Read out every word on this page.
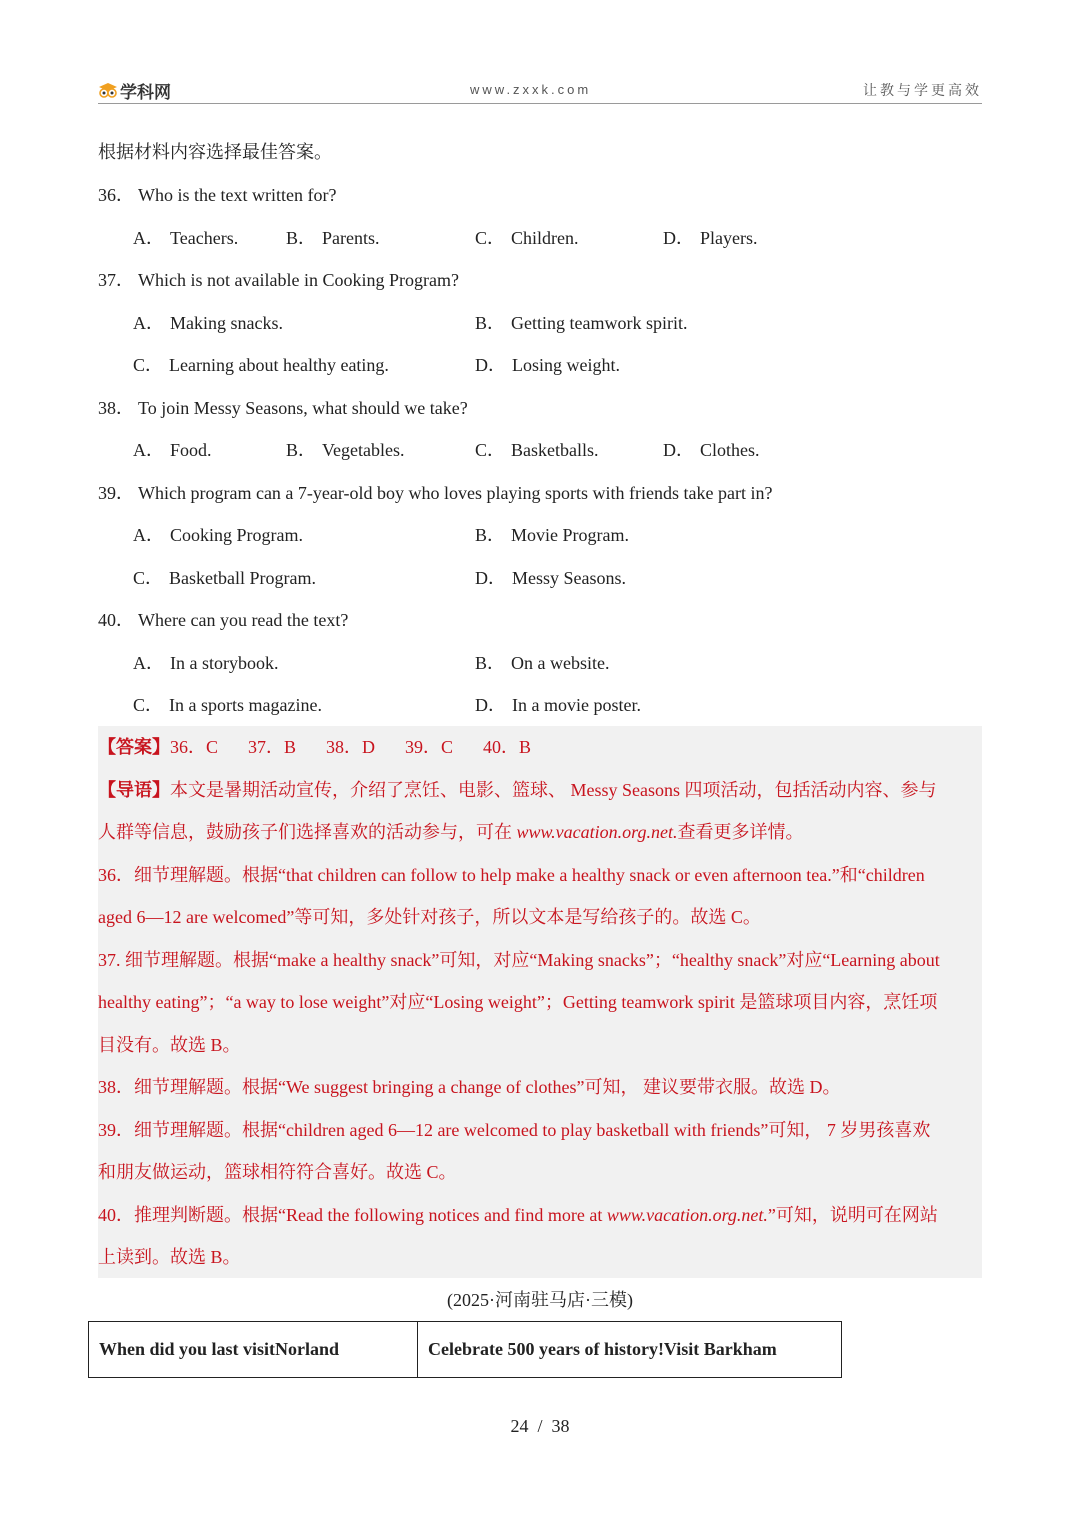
学科网	www.zxxk.com	让教与学更高效
根据材料内容选择最佳答案。
36． Who is the text written for?
A． Teachers.	B． Parents.	C． Children.	D． Players.
37． Which is not available in Cooking Program?
A． Making snacks.	B． Getting teamwork spirit.
C． Learning about healthy eating.	D． Losing weight.
38． To join Messy Seasons, what should we take?
A． Food.	B． Vegetables.	C． Basketballs.	D． Clothes.
39． Which program can a 7-year-old boy who loves playing sports with friends take part in?
A． Cooking Program.	B． Movie Program.
C． Basketball Program.	D． Messy Seasons.
40． Where can you read the text?
A． In a storybook.	B． On a website.
C． In a sports magazine.	D． In a movie poster.
【答案】36．C 37．B 38．D 39．C 40．B
【导语】本文是暑期活动宣传，介绍了烹饪、电影、篮球、 Messy Seasons 四项活动，包括活动内容、参与
人群等信息，鼓励孩子们选择喜欢的活动参与，可在 www.vacation.org.net.查看更多详情。
36．细节理解题。根据“that children can follow to help make a healthy snack or even afternoon tea.”和“children
aged 6—12 are welcomed”等可知，多处针对孩子，所以文本是写给孩子的。故选 C。
37. 细节理解题。根据“make a healthy snack”可知，对应“Making snacks”；“healthy snack”对应“Learning about
healthy eating”；“a way to lose weight”对应“Losing weight”；Getting teamwork spirit 是篮球项目内容，烹饪项
目没有。故选 B。
38．细节理解题。根据“We suggest bringing a change of clothes”可知， 建议要带衣服。故选 D。
39．细节理解题。根据“children aged 6—12 are welcomed to play basketball with friends”可知， 7 岁男孩喜欢
和朋友做运动，篮球相符符合喜好。故选 C。
40．推理判断题。根据“Read the following notices and find more at www.vacation.org.net.”可知，说明可在网站
上读到。故选 B。
(2025·河南驻马店·三模)
When did you last visitNorland	Celebrate 500 years of history!Visit Barkham
24  /  38
